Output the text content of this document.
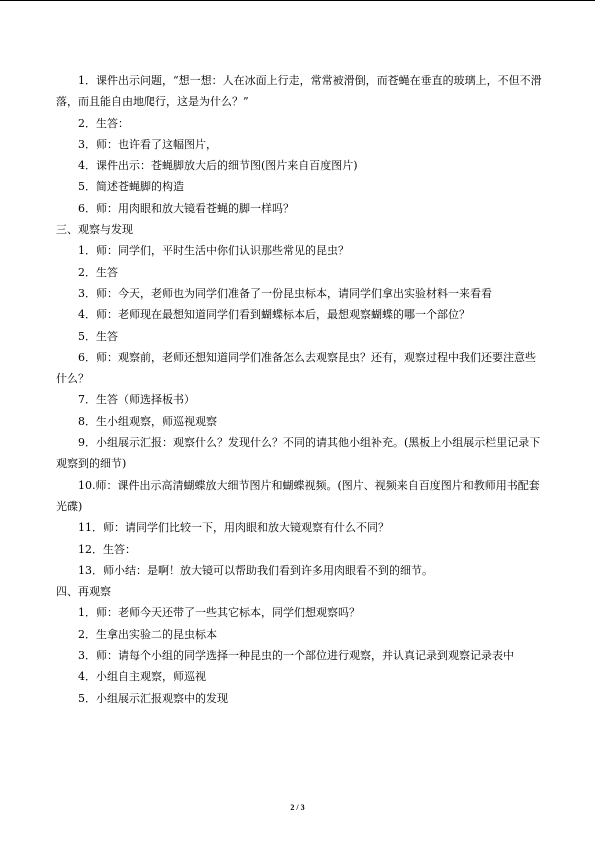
1．课件出示问题，“想一想：人在冰面上行走，常常被滑倒，而苍蝇在垂直的玻璃上，不但不滑落，而且能自由地爬行，这是为什么？”

2．生答：

3．师：也许看了这幅图片，

4．课件出示：苍蝇脚放大后的细节图(图片来自百度图片)

5．简述苍蝇脚的构造

6．师：用肉眼和放大镜看苍蝇的脚一样吗？

三、观察与发现

1．师：同学们，平时生活中你们认识那些常见的昆虫？

2．生答

3．师：今天，老师也为同学们准备了一份昆虫标本，请同学们拿出实验材料一来看看

4．师：老师现在最想知道同学们看到蝴蝶标本后，最想观察蝴蝶的哪一个部位？

5．生答

6．师：观察前，老师还想知道同学们准备怎么去观察昆虫？还有，观察过程中我们还要注意些什么？

7．生答（师选择板书）

8．生小组观察，师巡视观察

9．小组展示汇报：观察什么？发现什么？不同的请其他小组补充。(黑板上小组展示栏里记录下观察到的细节)

10.师：课件出示高清蝴蝶放大细节图片和蝴蝶视频。(图片、视频来自百度图片和教师用书配套光碟)

11．师：请同学们比较一下，用肉眼和放大镜观察有什么不同？

12．生答：

13．师小结：是啊！放大镜可以帮助我们看到许多用肉眼看不到的细节。

四、再观察

1．师：老师今天还带了一些其它标本，同学们想观察吗？

2．生拿出实验二的昆虫标本

3．师：请每个小组的同学选择一种昆虫的一个部位进行观察，并认真记录到观察记录表中

4．小组自主观察，师巡视

5．小组展示汇报观察中的发现

2 / 3
